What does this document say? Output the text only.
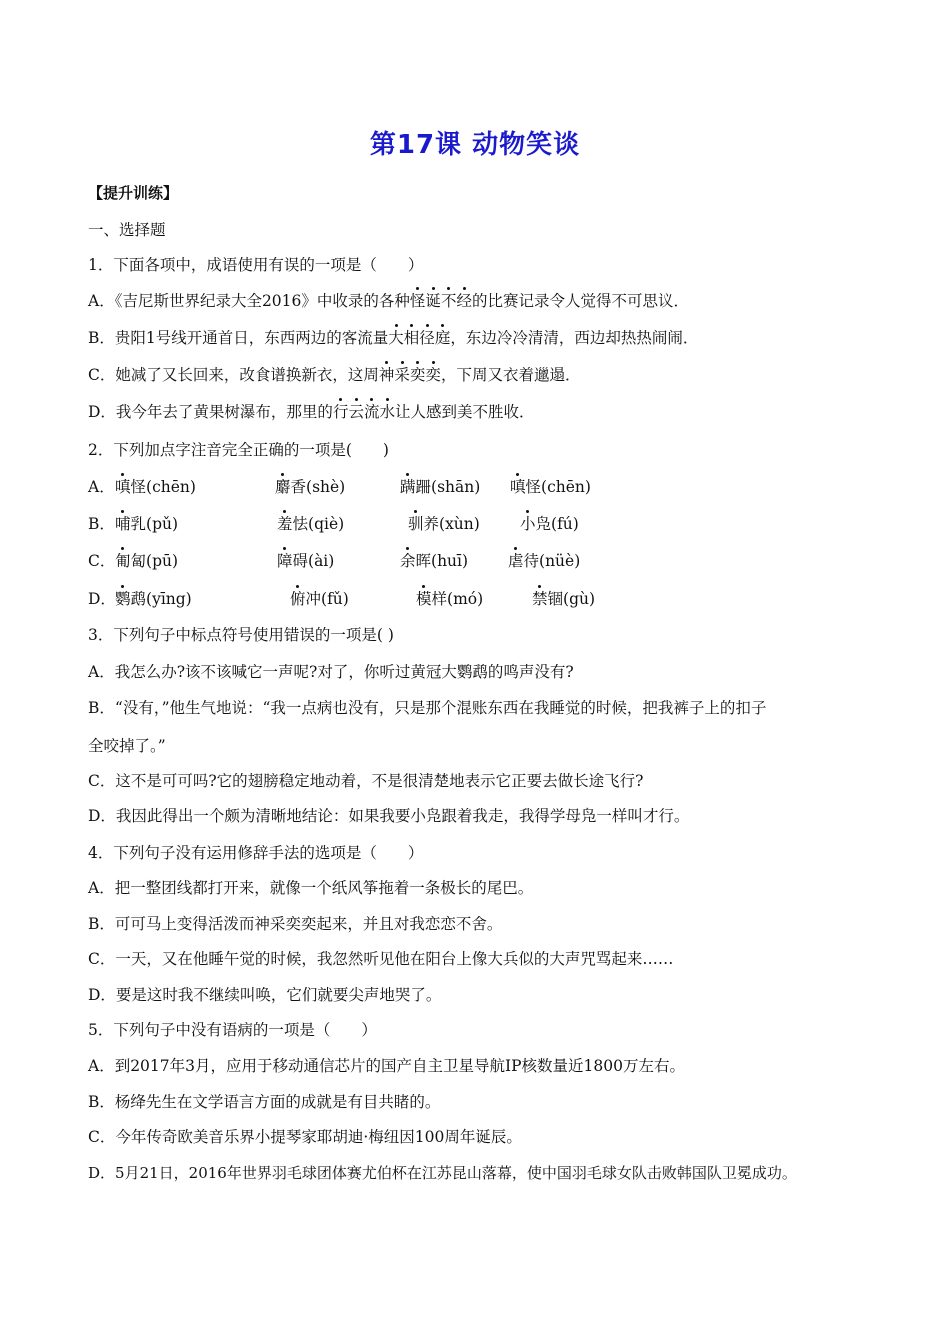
第17课 动物笑谈
【提升训练】
一、选择题
1．下面各项中，成语使用有误的一项是（　　）
A．《吉尼斯世界纪录大全2016》中收录的各种怪诞不经的比赛记录令人觉得不可思议．
B．贵阳1号线开通首日，东西两边的客流量大相径庭，东边冷冷清清，西边却热热闹闹．
C．她减了又长回来，改食谱换新衣，这周神采奕奕，下周又衣着邋遢．
D．我今年去了黄果树瀑布，那里的行云流水让人感到美不胜收．
2．下列加点字注音完全正确的一项是(　　)
A． 嗔怪(chēn)	麝香(shè)	蹒跚(shān) 嗔怪(chēn)
B． 哺乳(pǔ)	羞怯(qiè)	驯养(xùn)	小凫(fú)
C． 匍匐(pū)	障碍(ài)	余晖(huī)	虐待(nüè)
D． 鹦鹉(yīng)	俯冲(fǔ)	模样(mó)	禁锢(gù)
3．下列句子中标点符号使用错误的一项是( )
A．我怎么办?该不该喊它一声呢?对了，你听过黄冠大鹦鹉的鸣声没有?
B．“没有，”他生气地说：“我一点病也没有，只是那个混账东西在我睡觉的时候，把我裤子上的扣子
全咬掉了。”
C．这不是可可吗?它的翅膀稳定地动着，不是很清楚地表示它正要去做长途飞行?
D．我因此得出一个颇为清晰地结论：如果我要小凫跟着我走，我得学母凫一样叫才行。
4．下列句子没有运用修辞手法的选项是（　　）
A．把一整团线都打开来，就像一个纸风筝拖着一条极长的尾巴。
B．可可马上变得活泼而神采奕奕起来，并且对我恋恋不舍。
C．一天，又在他睡午觉的时候，我忽然听见他在阳台上像大兵似的大声咒骂起来……
D．要是这时我不继续叫唤，它们就要尖声地哭了。
5．下列句子中没有语病的一项是（　　）
A．到2017年3月，应用于移动通信芯片的国产自主卫星导航IP核数量近1800万左右。
B．杨绛先生在文学语言方面的成就是有目共睹的。
C．今年传奇欧美音乐界小提琴家耶胡迪·梅纽因100周年诞辰。
D．5月21日，2016年世界羽毛球团体赛尤伯杯在江苏昆山落幕，使中国羽毛球女队击败韩国队卫冕成功。
